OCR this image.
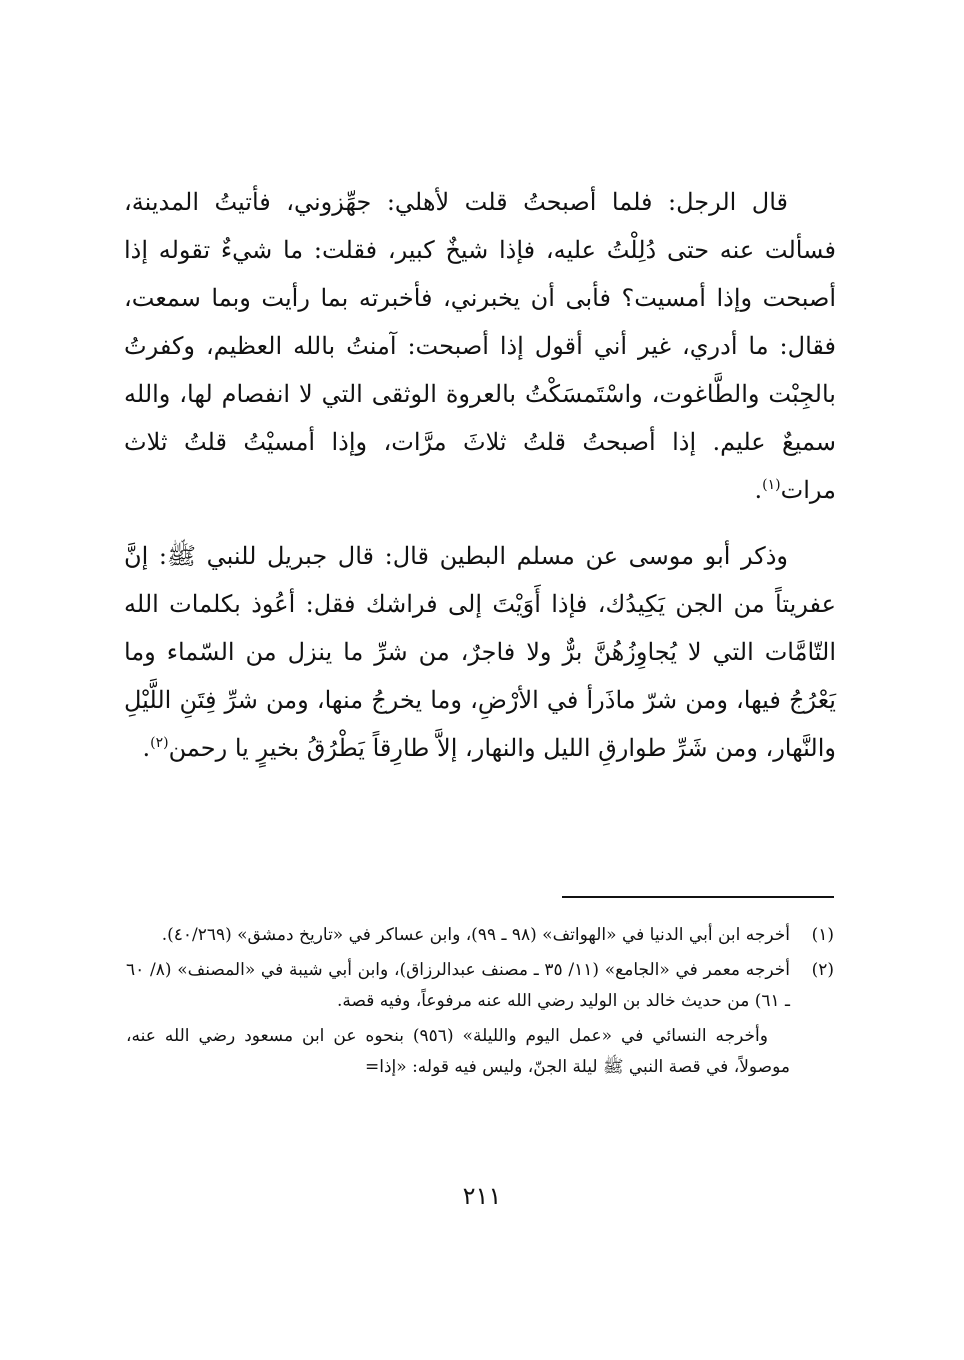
قال الرجل: فلما أصبحتُ قلت لأهلي: جهِّزوني، فأتيتُ المدينة، فسألت عنه حتى دُلِلْتُ عليه، فإذا شيخٌ كبير، فقلت: ما شيءٌ تقوله إذا أصبحت وإذا أمسيت؟ فأبى أن يخبرني، فأخبرته بما رأيت وبما سمعت، فقال: ما أدري، غير أني أقول إذا أصبحت: آمنتُ بالله العظيم، وكفرتُ بالجِبْت والطَّاغوت، واسْتَمسَكْتُ بالعروة الوثقى التي لا انفصام لها، والله سميعٌ عليم. إذا أصبحتُ قلتُ ثلاثَ مرَّات، وإذا أمسيْتُ قلتُ ثلاث مرات$^{(١)}$.

وذكر أبو موسى عن مسلم البطين قال: قال جبريل للنبي ﷺ: إنَّ عفريتاً من الجن يَكِيدُك، فإذا أَوَيْتَ إلى فراشك فقل: أعُوذ بكلمات الله التّامَّات التي لا يُجاوِزُهُنَّ برٌّ ولا فاجرٌ، من شرِّ ما ينزل من السّماء وما يَعْرُجُ فيها، ومن شرّ ماذَرأ في الأرْضِ، وما يخرجُ منها، ومن شرِّ فِتَنِ اللَّيْلِ والنَّهار، ومن شَرِّ طوارقِ الليل والنهار، إلاَّ طارِقاً يَطْرُقُ بخيرٍ يا رحمن$^{(٢)}$.

(١)
أخرجه ابن أبي الدنيا في «الهواتف» (٩٨ ـ ٩٩)، وابن عساكر في «تاريخ دمشق» (٤٠/٢٦٩).
(٢)
أخرجه معمر في «الجامع» (١١/ ٣٥ ـ مصنف عبدالرزاق)، وابن أبي شيبة في «المصنف» (٨/ ٦٠ ـ ٦١) من حديث خالد بن الوليد رضي الله عنه مرفوعاً، وفيه قصة.
وأخرجه النسائي في «عمل اليوم والليلة» (٩٥٦) بنحوه عن ابن مسعود رضي الله عنه، موصولاً، في قصة النبي ﷺ ليلة الجنّ، وليس فيه قوله: «إذا=
٢١١
